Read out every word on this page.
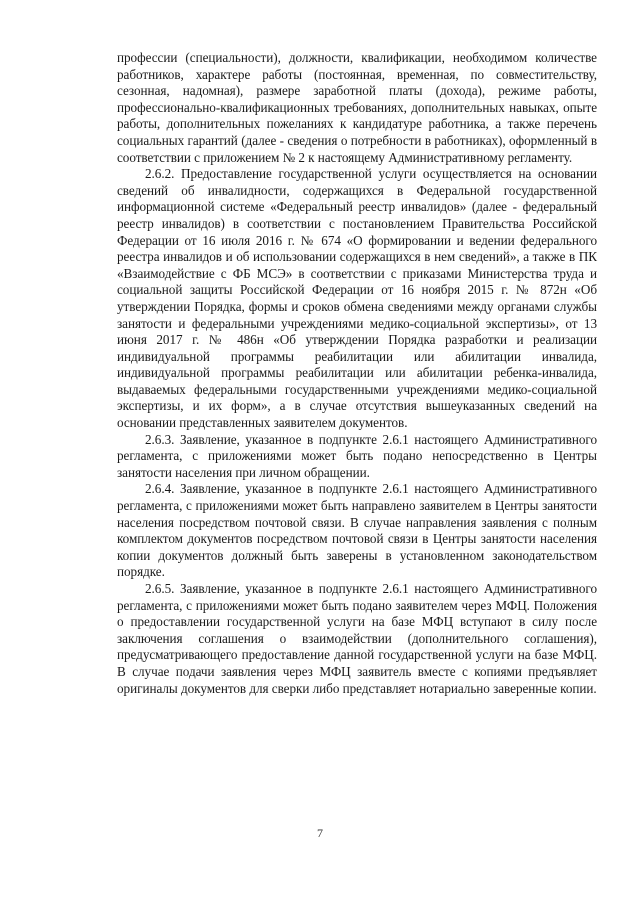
профессии (специальности), должности, квалификации, необходимом количестве работников, характере работы (постоянная, временная, по совместительству, сезонная, надомная), размере заработной платы (дохода), режиме работы, профессионально-квалификационных требованиях, дополнительных навыках, опыте работы, дополнительных пожеланиях к кандидатуре работника, а также перечень социальных гарантий (далее - сведения о потребности в работниках), оформленный в соответствии с приложением № 2 к настоящему Административному регламенту.

2.6.2. Предоставление государственной услуги осуществляется на основании сведений об инвалидности, содержащихся в Федеральной государственной информационной системе «Федеральный реестр инвалидов» (далее - федеральный реестр инвалидов) в соответствии с постановлением Правительства Российской Федерации от 16 июля 2016 г. № 674 «О формировании и ведении федерального реестра инвалидов и об использовании содержащихся в нем сведений», а также в ПК «Взаимодействие с ФБ МСЭ» в соответствии с приказами Министерства труда и социальной защиты Российской Федерации от 16 ноября 2015 г. № 872н «Об утверждении Порядка, формы и сроков обмена сведениями между органами службы занятости и федеральными учреждениями медико-социальной экспертизы», от 13 июня 2017 г. № 486н «Об утверждении Порядка разработки и реализации индивидуальной программы реабилитации или абилитации инвалида, индивидуальной программы реабилитации или абилитации ребенка-инвалида, выдаваемых федеральными государственными учреждениями медико-социальной экспертизы, и их форм», а в случае отсутствия вышеуказанных сведений на основании представленных заявителем документов.

2.6.3. Заявление, указанное в подпункте 2.6.1 настоящего Административного регламента, с приложениями может быть подано непосредственно в Центры занятости населения при личном обращении.

2.6.4. Заявление, указанное в подпункте 2.6.1 настоящего Административного регламента, с приложениями может быть направлено заявителем в Центры занятости населения посредством почтовой связи. В случае направления заявления с полным комплектом документов посредством почтовой связи в Центры занятости населения копии документов должный быть заверены в установленном законодательством порядке.

2.6.5. Заявление, указанное в подпункте 2.6.1 настоящего Административного регламента, с приложениями может быть подано заявителем через МФЦ. Положения о предоставлении государственной услуги на базе МФЦ вступают в силу после заключения соглашения о взаимодействии (дополнительного соглашения), предусматривающего предоставление данной государственной услуги на базе МФЦ. В случае подачи заявления через МФЦ заявитель вместе с копиями предъявляет оригиналы документов для сверки либо представляет нотариально заверенные копии.

7
